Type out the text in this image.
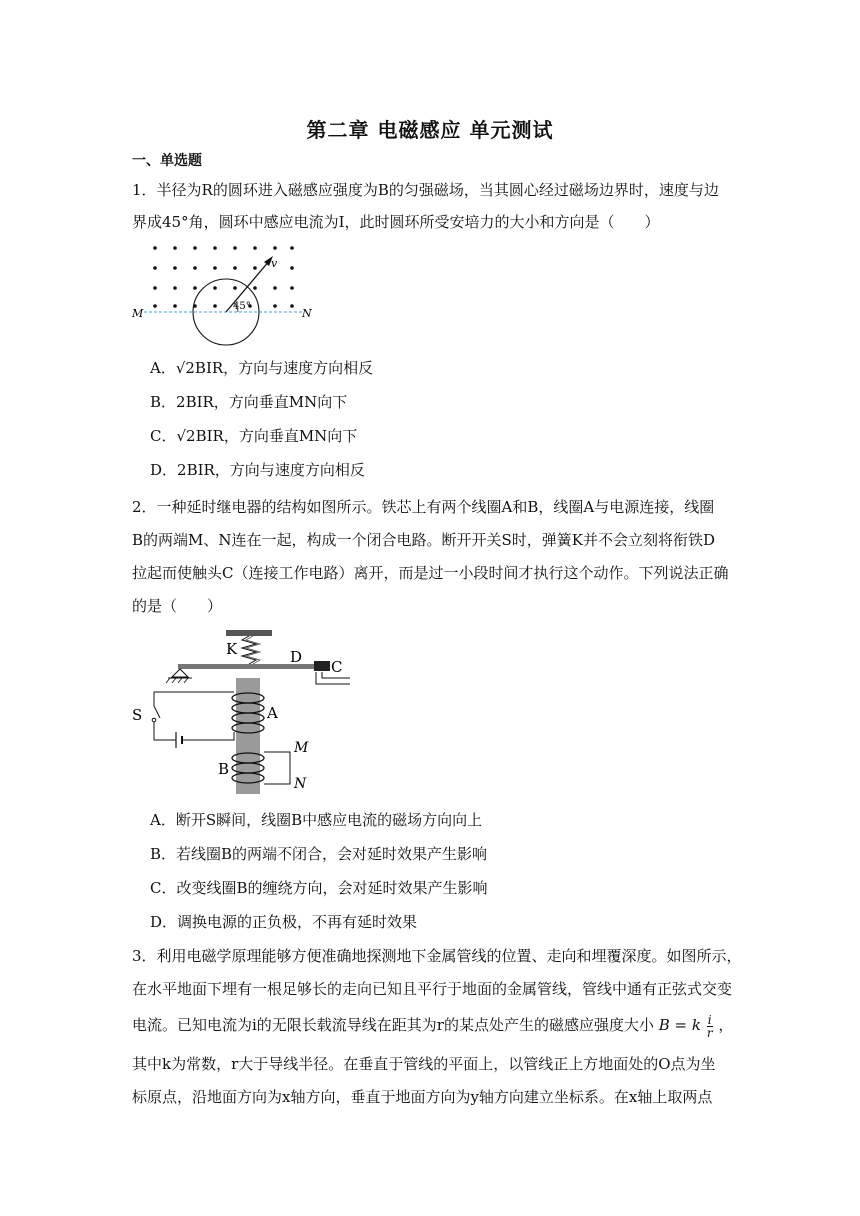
第二章 电磁感应 单元测试
一、单选题
1．半径为R的圆环进入磁感应强度为B的匀强磁场，当其圆心经过磁场边界时，速度与边
界成45°角，圆环中感应电流为I，此时圆环所受安培力的大小和方向是（　　）
v
45°
M	N
A．√2BIR，方向与速度方向相反
B．2BIR，方向垂直MN向下
C．√2BIR，方向垂直MN向下
D．2BIR，方向与速度方向相反
2．一种延时继电器的结构如图所示。铁芯上有两个线圈A和B，线圈A与电源连接，线圈
B的两端M、N连在一起，构成一个闭合电路。断开开关S时，弹簧K并不会立刻将衔铁D
拉起而使触头C（连接工作电路）离开，而是过一小段时间才执行这个动作。下列说法正确
的是（　　）
K	D
C
A
S
B
M
N
A．断开S瞬间，线圈B中感应电流的磁场方向向上
B．若线圈B的两端不闭合，会对延时效果产生影响
C．改变线圈B的缠绕方向，会对延时效果产生影响
D．调换电源的正负极，不再有延时效果
3．利用电磁学原理能够方便准确地探测地下金属管线的位置、走向和埋覆深度。如图所示，
在水平地面下埋有一根足够长的走向已知且平行于地面的金属管线，管线中通有正弦式交变
电流。已知电流为i的无限长载流导线在距其为r的某点处产生的磁感应强度大小 B = k $\frac{i}{r}$ ，
其中k为常数，r大于导线半径。在垂直于管线的平面上，以管线正上方地面处的O点为坐
标原点，沿地面方向为x轴方向，垂直于地面方向为y轴方向建立坐标系。在x轴上取两点
